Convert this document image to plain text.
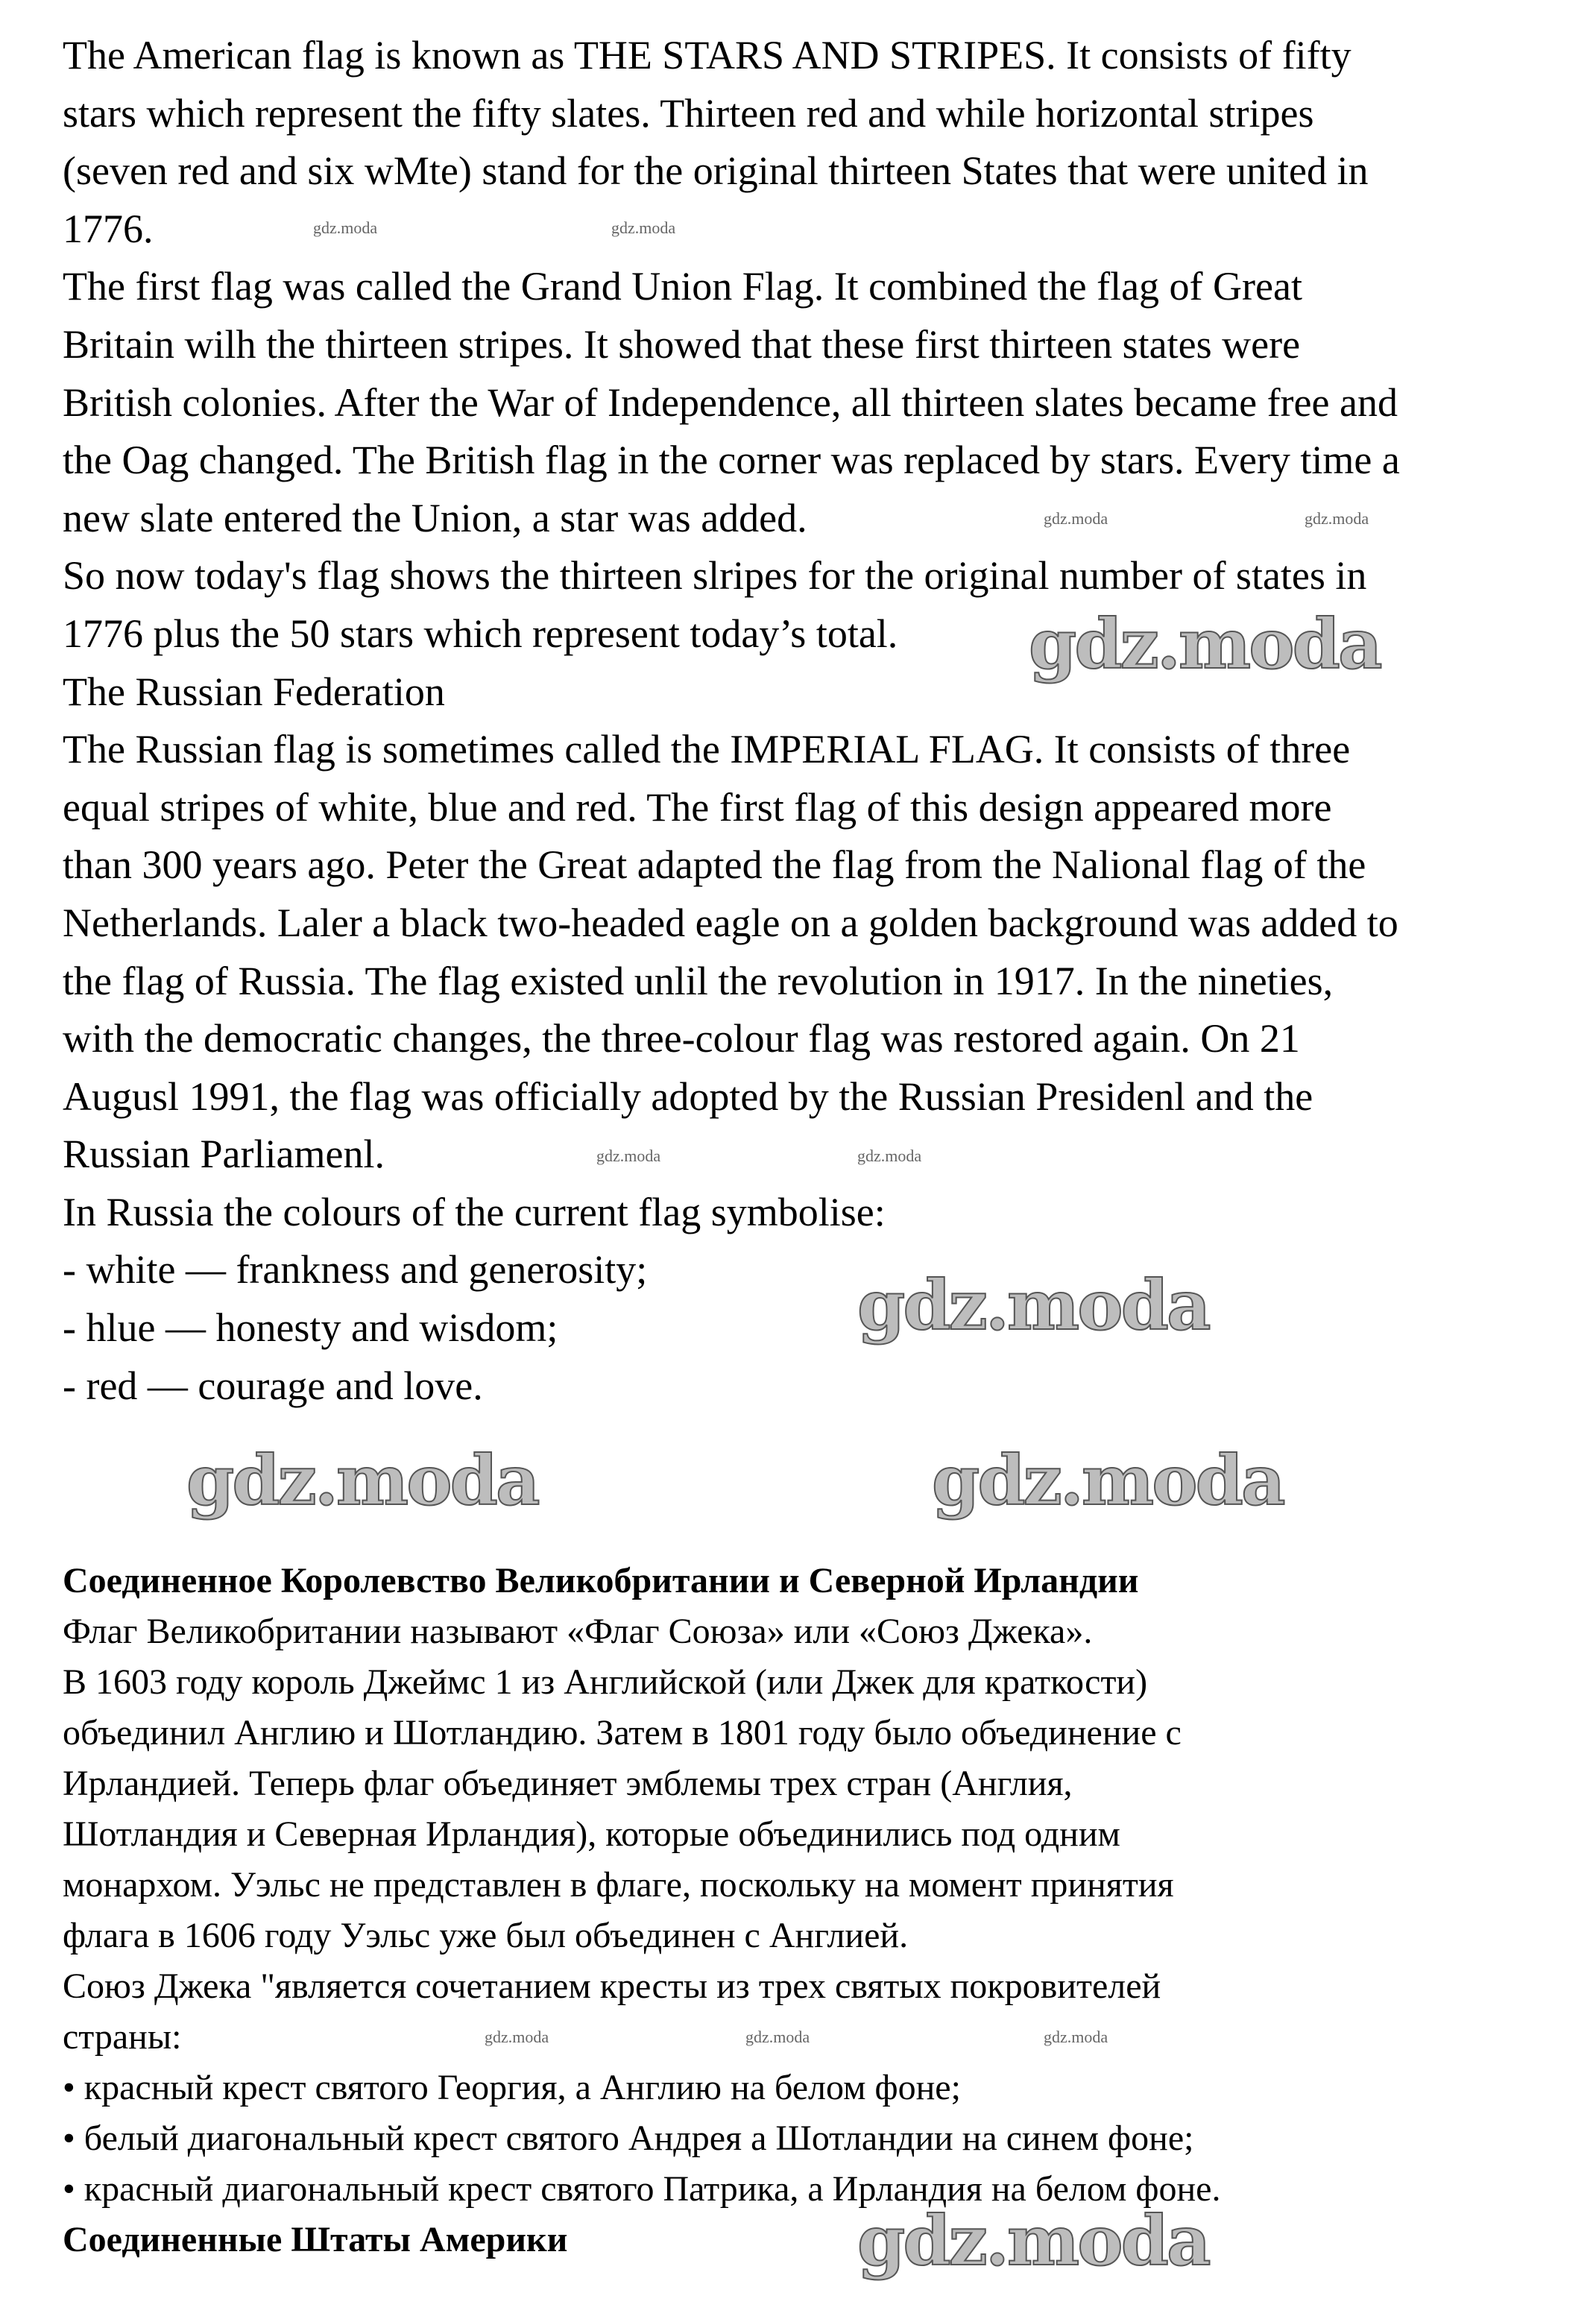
The American flag is known as THE STARS AND STRIPES. It consists of fifty
stars which represent the fifty slates. Thirteen red and while horizontal stripes
(seven red and six wMte) stand for the original thirteen States that were united in
1776.
The first flag was called the Grand Union Flag. It combined the flag of Great
Britain wilh the thirteen stripes. It showed that these first thirteen states were
British colonies. After the War of Independence, all thirteen slates became free and
the Oag changed. The British flag in the corner was replaced by stars. Every time a
new slate entered the Union, a star was added.
So now today's flag shows the thirteen slripes for the original number of states in
1776 plus the 50 stars which represent today’s total.
The Russian Federation
The Russian flag is sometimes called the IMPERIAL FLAG. It consists of three
equal stripes of white, blue and red. The first flag of this design appeared more
than 300 years ago. Peter the Great adapted the flag from the Nalional flag of the
Netherlands. Laler a black two-headed eagle on a golden background was added to
the flag of Russia. The flag existed unlil the revolution in 1917. In the nineties,
with the democratic changes, the three-colour flag was restored again. On 21
Augusl 1991, the flag was officially adopted by the Russian Presidenl and the
Russian Parliamenl.
In Russia the colours of the current flag symbolise:
- white — frankness and generosity;
- hlue — honesty and wisdom;
- red — courage and love.
Соединенное Королевство Великобритании и Северной Ирландии
Флаг Великобритании называют «Флаг Союза» или «Союз Джека».
В 1603 году король Джеймс 1 из Английской (или Джек для краткости)
объединил Англию и Шотландию. Затем в 1801 году было объединение с
Ирландией. Теперь флаг объединяет эмблемы трех стран (Англия,
Шотландия и Северная Ирландия), которые объединились под одним
монархом. Уэльс не представлен в флаге, поскольку на момент принятия
флага в 1606 году Уэльс уже был объединен с Англией.
Союз Джека "является сочетанием кресты из трех святых покровителей
страны:
• красный крест святого Георгия, а Англию на белом фоне;
• белый диагональный крест святого Андрея а Шотландии на синем фоне;
• красный диагональный крест святого Патрика, а Ирландия на белом фоне.
Соединенные Штаты Америки
gdz.moda
gdz.moda
gdz.moda	gdz.moda
gdz.moda
gdz.moda	gdz.moda
gdz.moda	gdz.moda
gdz.moda	gdz.moda
gdz.moda	gdz.moda	gdz.moda
